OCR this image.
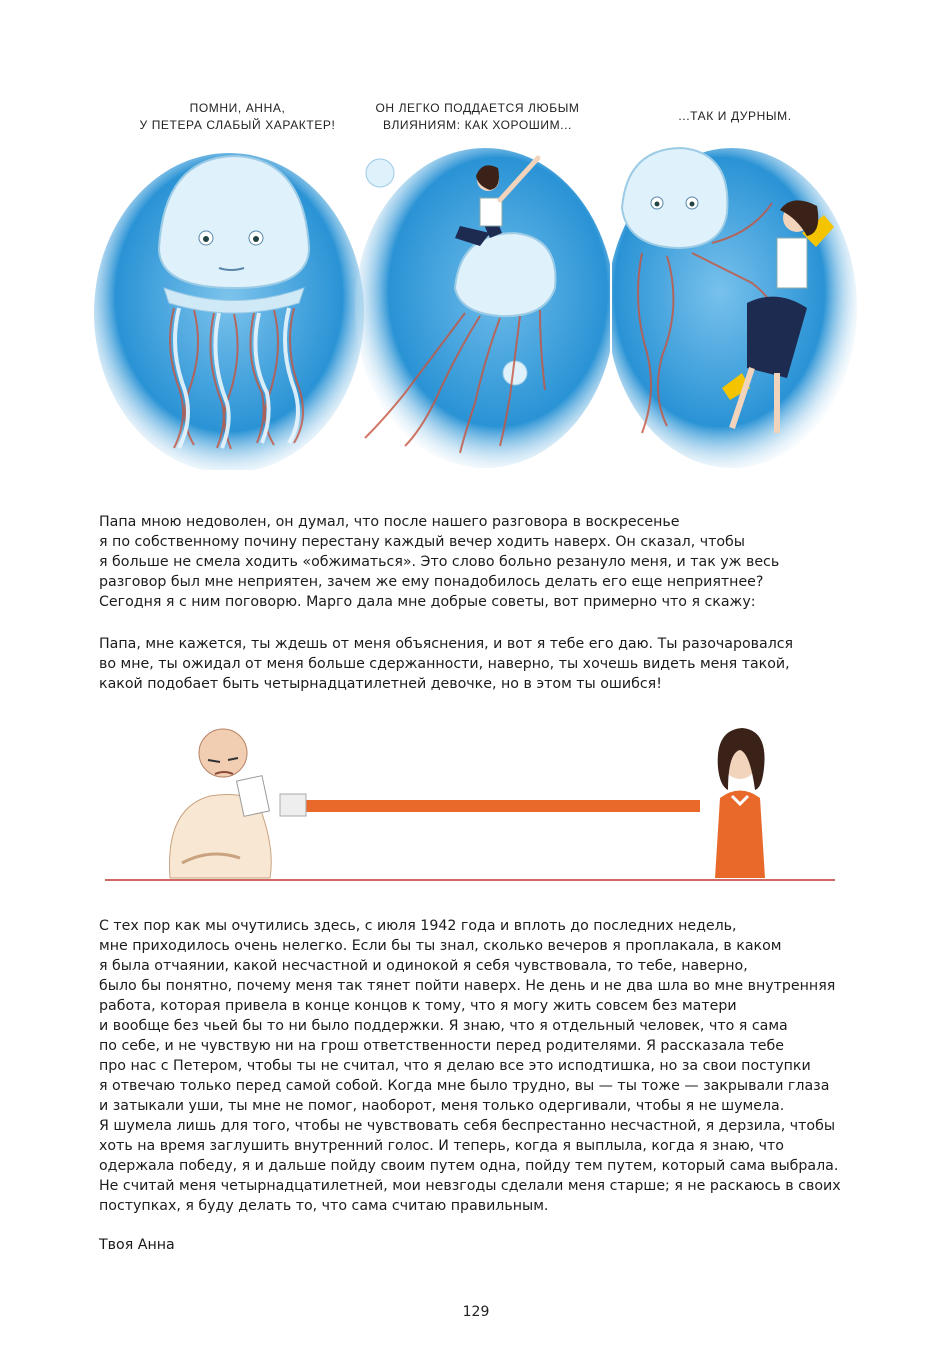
ПОМНИ, АННА,
У ПЕТЕРА СЛАБЫЙ ХАРАКТЕР!
ОН ЛЕГКО ПОДДАЕТСЯ ЛЮБЫМ
ВЛИЯНИЯМ: КАК ХОРОШИМ...
...ТАК И ДУРНЫМ.
Папа мною недоволен, он думал, что после нашего разговора в воскресенье
я по собственному почину перестану каждый вечер ходить наверх. Он сказал, чтобы
я больше не смела ходить «обжиматься». Это слово больно резануло меня, и так уж весь
разговор был мне неприятен, зачем же ему понадобилось делать его еще неприятнее?
Сегодня я с ним поговорю. Марго дала мне добрые советы, вот примерно что я скажу:
Папа, мне кажется, ты ждешь от меня объяснения, и вот я тебе его даю. Ты разочаровался
во мне, ты ожидал от меня больше сдержанности, наверно, ты хочешь видеть меня такой,
какой подобает быть четырнадцатилетней девочке, но в этом ты ошибся!
С тех пор как мы очутились здесь, с июля 1942 года и вплоть до последних недель,
мне приходилось очень нелегко. Если бы ты знал, сколько вечеров я проплакала, в каком
я была отчаянии, какой несчастной и одинокой я себя чувствовала, то тебе, наверно,
было бы понятно, почему меня так тянет пойти наверх. Не день и не два шла во мне внутренняя
работа, которая привела в конце концов к тому, что я могу жить совсем без матери
и вообще без чьей бы то ни было поддержки. Я знаю, что я отдельный человек, что я сама
по себе, и не чувствую ни на грош ответственности перед родителями. Я рассказала тебе
про нас с Петером, чтобы ты не считал, что я делаю все это исподтишка, но за свои поступки
я отвечаю только перед самой собой. Когда мне было трудно, вы — ты тоже — закрывали глаза
и затыкали уши, ты мне не помог, наоборот, меня только одергивали, чтобы я не шумела.
Я шумела лишь для того, чтобы не чувствовать себя беспрестанно несчастной, я дерзила, чтобы
хоть на время заглушить внутренний голос. И теперь, когда я выплыла, когда я знаю, что
одержала победу, я и дальше пойду своим путем одна, пойду тем путем, который сама выбрала.
Не считай меня четырнадцатилетней, мои невзгоды сделали меня старше; я не раскаюсь в своих
поступках, я буду делать то, что сама считаю правильным.
Твоя Анна
129
